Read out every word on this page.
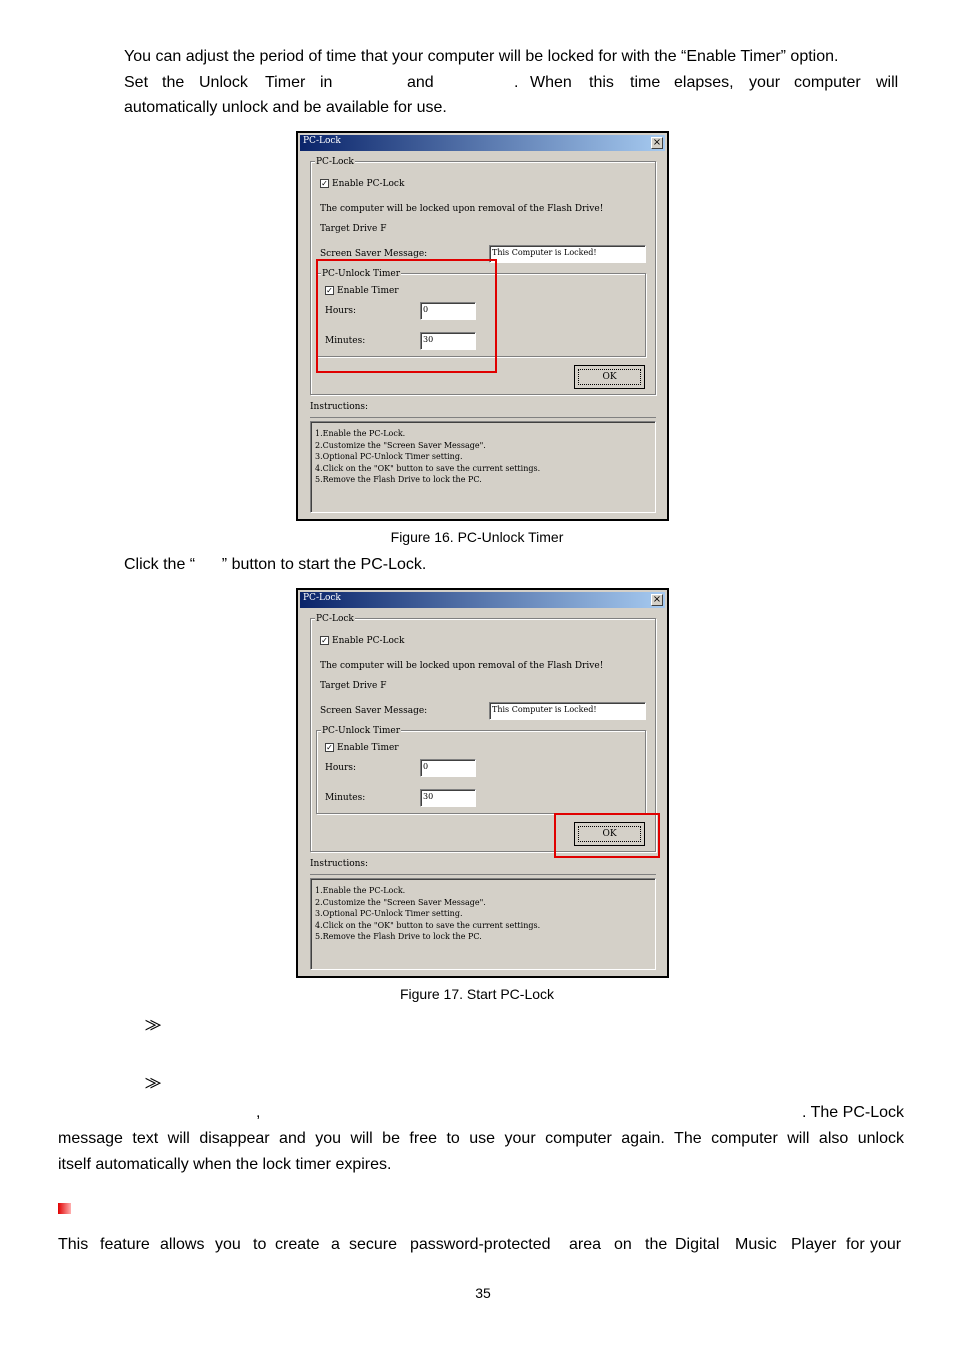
You can adjust the period of time that your computer will be locked for with the “Enable Timer” option.
Set the Unlock Timer in	and	. When this time elapses, your computer will
automatically unlock and be available for use.
PC-Lock	×
PC-Lock
✓ Enable PC-Lock
The computer will be locked upon removal of the Flash Drive!
Target Drive F
Screen Saver Message:	This Computer is Locked!
PC-Unlock Timer
✓ Enable Timer
Hours:	0
Minutes:	30
OK
Instructions:
1.Enable the PC-Lock.
2.Customize the "Screen Saver Message".
3.Optional PC-Unlock Timer setting.
4.Click on the "OK" button to save the current settings.
5.Remove the Flash Drive to lock the PC.
Figure 16. PC-Unlock Timer
Click the “      ” button to start the PC-Lock.
PC-Lock	×
PC-Lock
✓ Enable PC-Lock
The computer will be locked upon removal of the Flash Drive!
Target Drive F
Screen Saver Message:	This Computer is Locked!
PC-Unlock Timer
✓ Enable Timer
Hours:	0
Minutes:	30
OK
Instructions:
1.Enable the PC-Lock.
2.Customize the "Screen Saver Message".
3.Optional PC-Unlock Timer setting.
4.Click on the "OK" button to save the current settings.
5.Remove the Flash Drive to lock the PC.
Figure 17. Start PC-Lock
⨠
⨠
,	. The PC-Lock
message text will disappear and you will be free to use your computer again. The computer will also unlock
itself automatically when the lock timer expires.
This feature allows you to create a secure password-protected area on the Digital Music Player for your
35
